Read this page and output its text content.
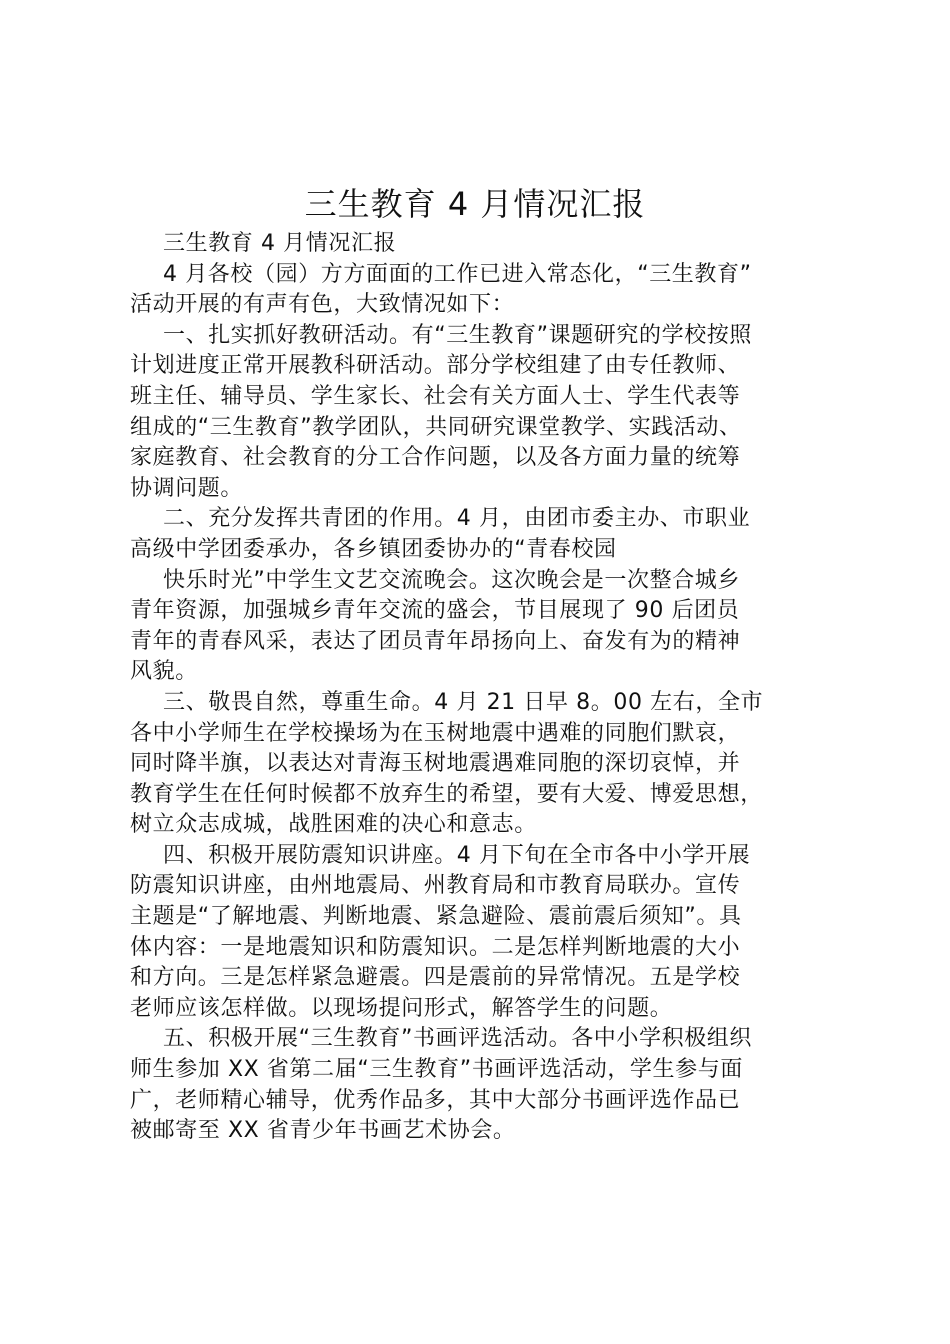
三生教育 4 月情况汇报
三生教育 4 月情况汇报
4 月各校（园）方方面面的工作已进入常态化，“三生教育”
活动开展的有声有色，大致情况如下：
一、扎实抓好教研活动。有“三生教育”课题研究的学校按照
计划进度正常开展教科研活动。部分学校组建了由专任教师、
班主任、辅导员、学生家长、社会有关方面人士、学生代表等
组成的“三生教育”教学团队，共同研究课堂教学、实践活动、
家庭教育、社会教育的分工合作问题，以及各方面力量的统筹
协调问题。
二、充分发挥共青团的作用。4 月，由团市委主办、市职业
高级中学团委承办，各乡镇团委协办的“青春校园
快乐时光”中学生文艺交流晚会。这次晚会是一次整合城乡
青年资源，加强城乡青年交流的盛会，节目展现了 90 后团员
青年的青春风采，表达了团员青年昂扬向上、奋发有为的精神
风貌。
三、敬畏自然，尊重生命。4 月 21 日早 8。00 左右，全市
各中小学师生在学校操场为在玉树地震中遇难的同胞们默哀，
同时降半旗，以表达对青海玉树地震遇难同胞的深切哀悼，并
教育学生在任何时候都不放弃生的希望，要有大爱、博爱思想，
树立众志成城，战胜困难的决心和意志。
四、积极开展防震知识讲座。4 月下旬在全市各中小学开展
防震知识讲座，由州地震局、州教育局和市教育局联办。宣传
主题是“了解地震、判断地震、紧急避险、震前震后须知”。具
体内容：一是地震知识和防震知识。二是怎样判断地震的大小
和方向。三是怎样紧急避震。四是震前的异常情况。五是学校
老师应该怎样做。以现场提问形式，解答学生的问题。
五、积极开展“三生教育”书画评选活动。各中小学积极组织
师生参加 XX 省第二届“三生教育”书画评选活动，学生参与面
广，老师精心辅导，优秀作品多，其中大部分书画评选作品已
被邮寄至 XX 省青少年书画艺术协会。
